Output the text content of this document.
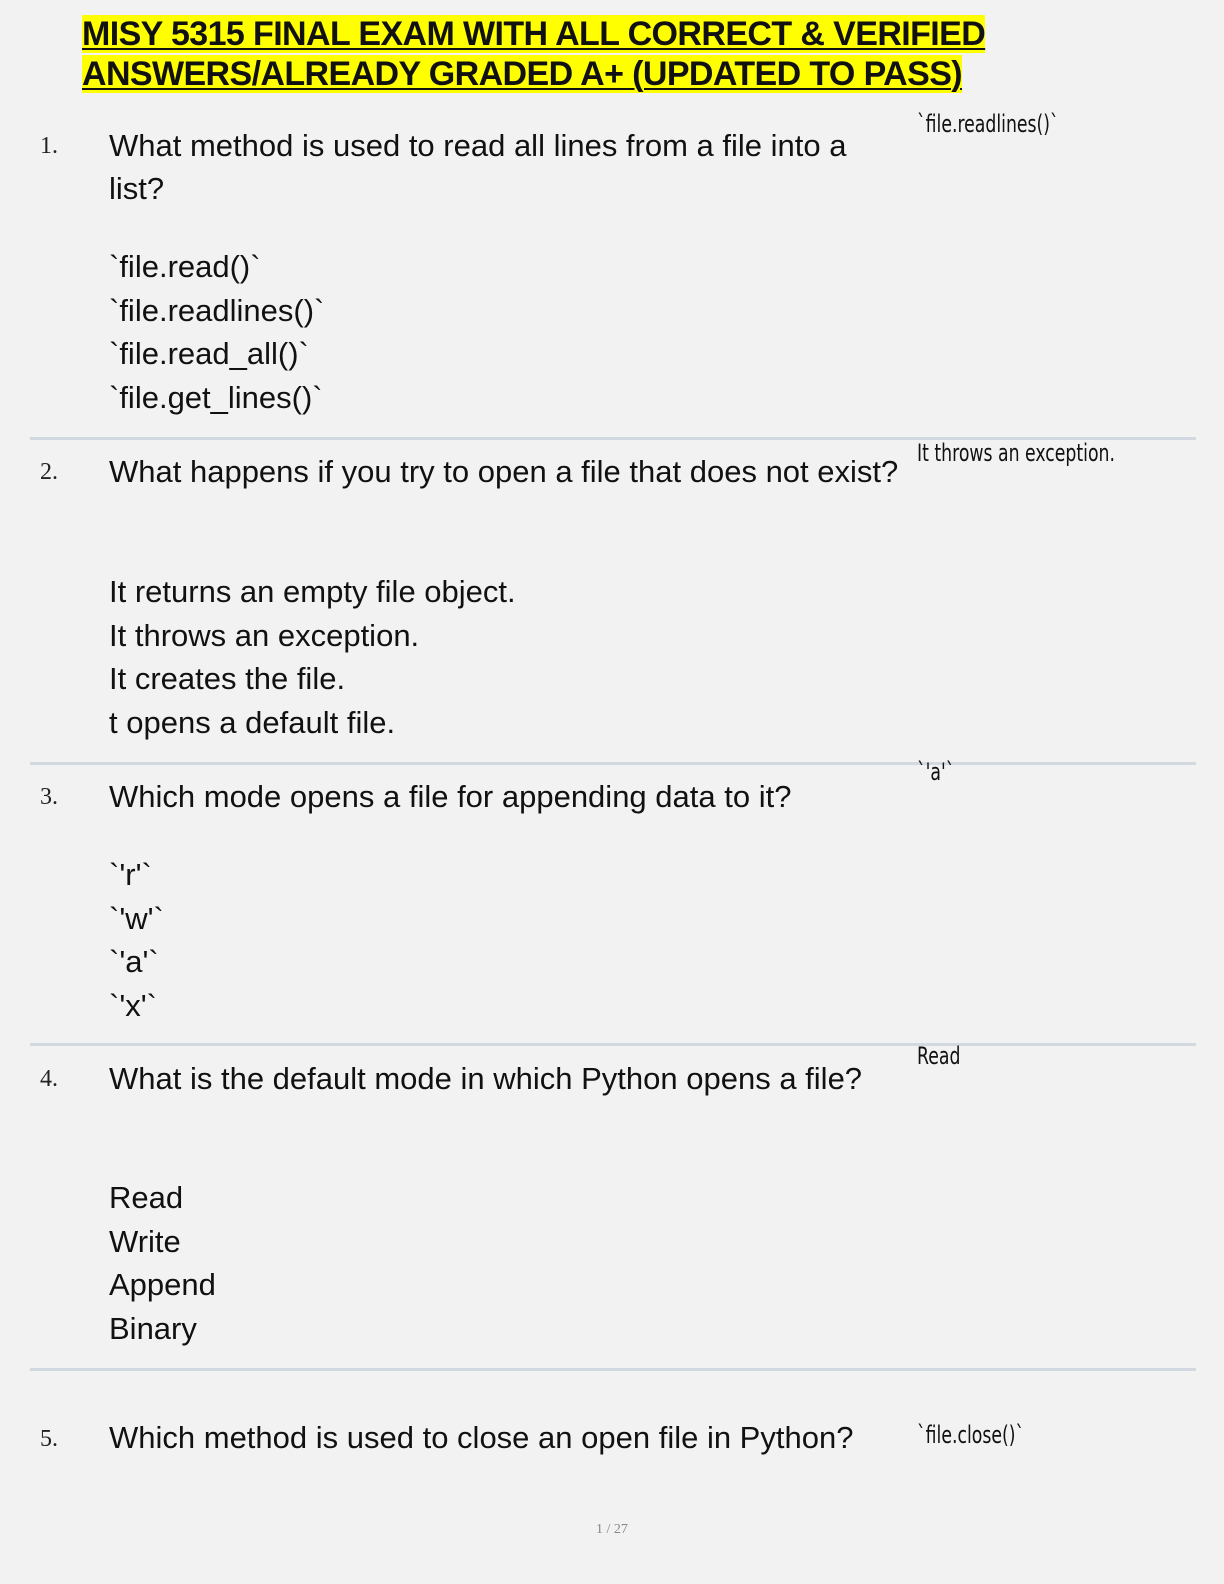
MISY 5315 FINAL EXAM WITH ALL CORRECT & VERIFIED
ANSWERS/ALREADY GRADED A+ (UPDATED TO PASS)
1. What method is used to read all lines from a file into a list?
`file.read()`
`file.readlines()`
`file.read_all()`
`file.get_lines()`
`file.readlines()`
2. What happens if you try to open a file that does not exist?
It returns an empty file object.
It throws an exception.
It creates the file.
t opens a default file.
It throws an exception.
3. Which mode opens a file for appending data to it?
`'r'`
`'w'`
`'a'`
`'x'`
`'a'`
4. What is the default mode in which Python opens a file?
Read
Write
Append
Binary
Read
5. Which method is used to close an open file in Python?	`file.close()`
1 / 27
